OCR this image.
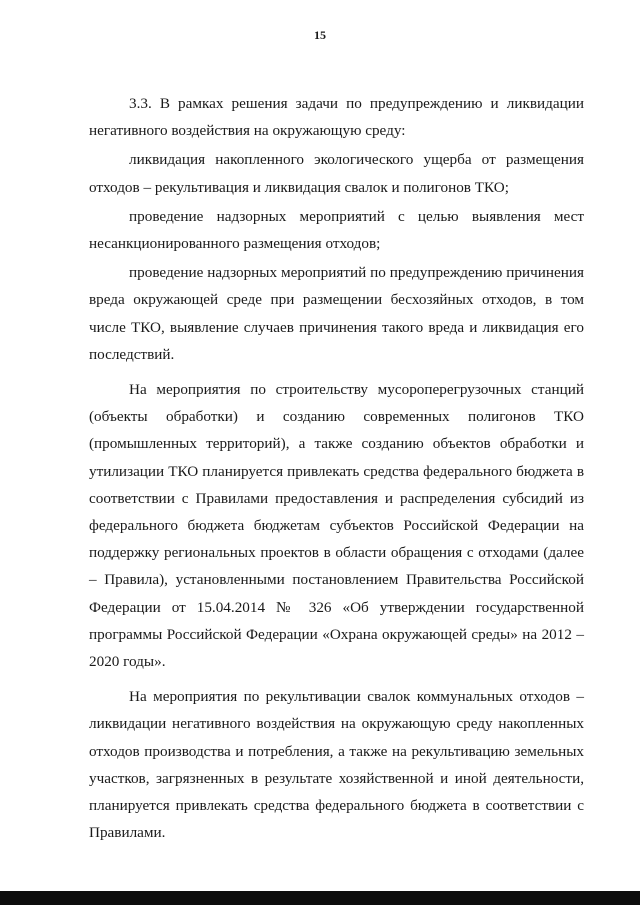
15

3.3. В рамках решения задачи по предупреждению и ликвидации негативного воздействия на окружающую среду:

ликвидация накопленного экологического ущерба от размещения отходов – рекультивация и ликвидация свалок и полигонов ТКО;

проведение надзорных мероприятий с целью выявления мест несанкционированного размещения отходов;

проведение надзорных мероприятий по предупреждению причинения вреда окружающей среде при размещении бесхозяйных отходов, в том числе ТКО, выявление случаев причинения такого вреда и ликвидация его последствий.

На мероприятия по строительству мусороперегрузочных станций (объекты обработки) и созданию современных полигонов ТКО (промышленных территорий), а также созданию объектов обработки и утилизации ТКО планируется привлекать средства федерального бюджета в соответствии с Правилами предоставления и распределения субсидий из федерального бюджета бюджетам субъектов Российской Федерации на поддержку региональных проектов в области обращения с отходами (далее – Правила), установленными постановлением Правительства Российской Федерации от 15.04.2014 № 326 «Об утверждении государственной программы Российской Федерации «Охрана окружающей среды» на 2012 – 2020 годы».

На мероприятия по рекультивации свалок коммунальных отходов – ликвидации негативного воздействия на окружающую среду накопленных отходов производства и потребления, а также на рекультивацию земельных участков, загрязненных в результате хозяйственной и иной деятельности, планируется привлекать средства федерального бюджета в соответствии с Правилами.
